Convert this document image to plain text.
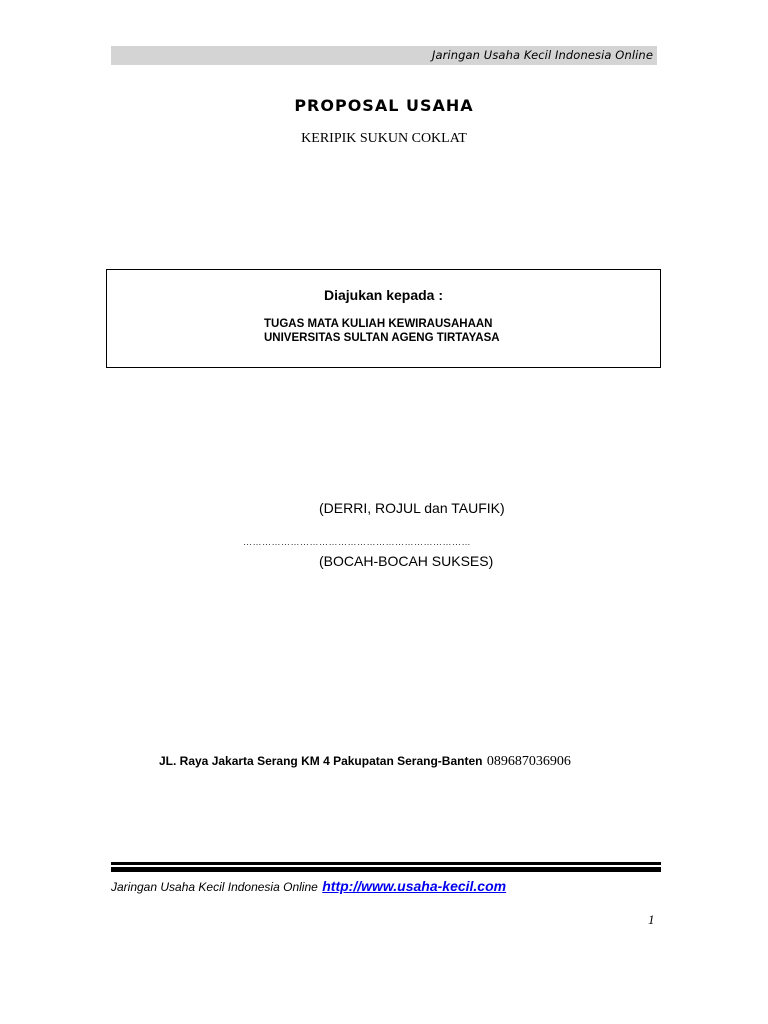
Jaringan Usaha Kecil Indonesia Online
PROPOSAL USAHA
KERIPIK SUKUN COKLAT
Diajukan kepada :
TUGAS MATA KULIAH KEWIRAUSAHAAN
UNIVERSITAS SULTAN AGENG TIRTAYASA
(DERRI, ROJUL dan TAUFIK)
………………………………………………………………
(BOCAH-BOCAH SUKSES)
JL. Raya Jakarta Serang KM 4 Pakupatan Serang-Banten 089687036906
Jaringan Usaha Kecil Indonesia Online http://www.usaha-kecil.com
1
